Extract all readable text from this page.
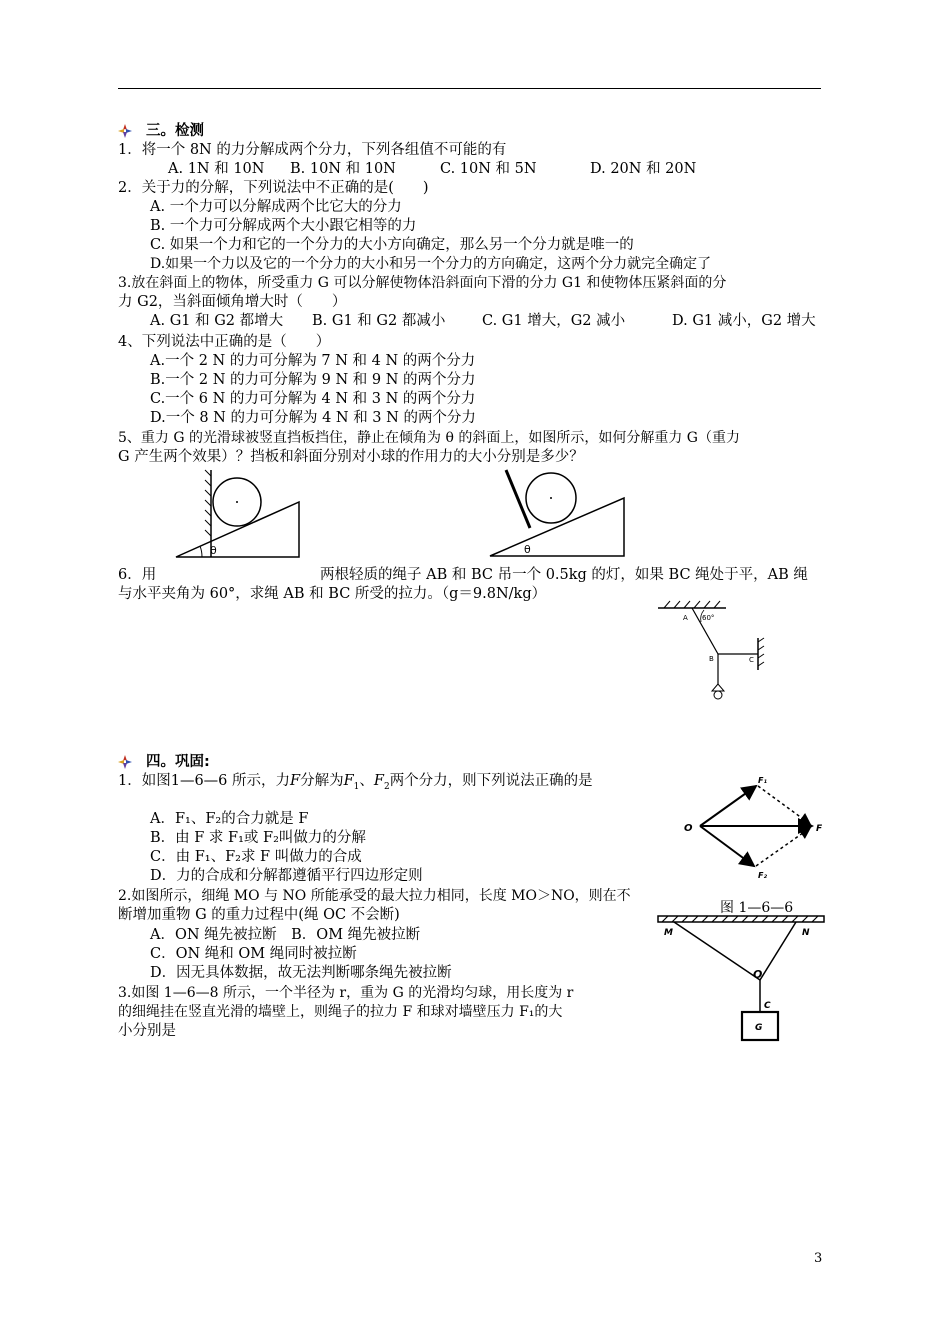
三。检测
1．将一个 8N 的力分解成两个分力，下列各组值不可能的有
A. 1N 和 10N B. 10N 和 10N	C. 10N 和 5N	D. 20N 和 20N
2．关于力的分解，下列说法中不正确的是(　　)
A. 一个力可以分解成两个比它大的分力
B. 一个力可分解成两个大小跟它相等的力
C. 如果一个力和它的一个分力的大小方向确定，那么另一个分力就是唯一的
D.如果一个力以及它的一个分力的大小和另一个分力的方向确定，这两个分力就完全确定了
3.放在斜面上的物体，所受重力 G 可以分解使物体沿斜面向下滑的分力 G1 和使物体压紧斜面的分
力 G2，当斜面倾角增大时（　　）
A. G1 和 G2 都增大 B. G1 和 G2 都减小	C. G1 增大，G2 减小	D. G1 减小，G2 增大
4、下列说法中正确的是（　　）
A.一个 2 N 的力可分解为 7 N 和 4 N 的两个分力
B.一个 2 N 的力可分解为 9 N 和 9 N 的两个分力
C.一个 6 N 的力可分解为 4 N 和 3 N 的两个分力
D.一个 8 N 的力可分解为 4 N 和 3 N 的两个分力
5、重力 G 的光滑球被竖直挡板挡住，静止在倾角为 θ 的斜面上，如图所示，如何分解重力 G（重力
G 产生两个效果）？挡板和斜面分别对小球的作用力的大小分别是多少？
θ	θ
6．用	两根轻质的绳子 AB 和 BC 吊一个 0.5kg 的灯，如果 BC 绳处于平，AB 绳
与水平夹角为 60°，求绳 AB 和 BC 所受的拉力。（g＝9.8N/kg）
A 60°
B	C
四。巩固:
1．如图1—6—6 所示，力F分解为$F_1$、$F_2$两个分力，则下列说法正确的是
A．F₁、F₂的合力就是 F
B．由 F 求 F₁或 F₂叫做力的分解
C．由 F₁、F₂求 F 叫做力的合成
D．力的合成和分解都遵循平行四边形定则
O	F
F₁
F₂
图 1—6—6
2.如图所示，细绳 MO 与 NO 所能承受的最大拉力相同，长度 MO＞NO，则在不
断增加重物 G 的重力过程中(绳 OC 不会断)
A．ON 绳先被拉断　B．OM 绳先被拉断
C．ON 绳和 OM 绳同时被拉断
D．因无具体数据，故无法判断哪条绳先被拉断
M	N
O
C
G
3.如图 1—6—8 所示，一个半径为 r，重为 G 的光滑均匀球，用长度为 r
的细绳挂在竖直光滑的墙壁上，则绳子的拉力 F 和球对墙壁压力 F₁的大
小分别是
3
